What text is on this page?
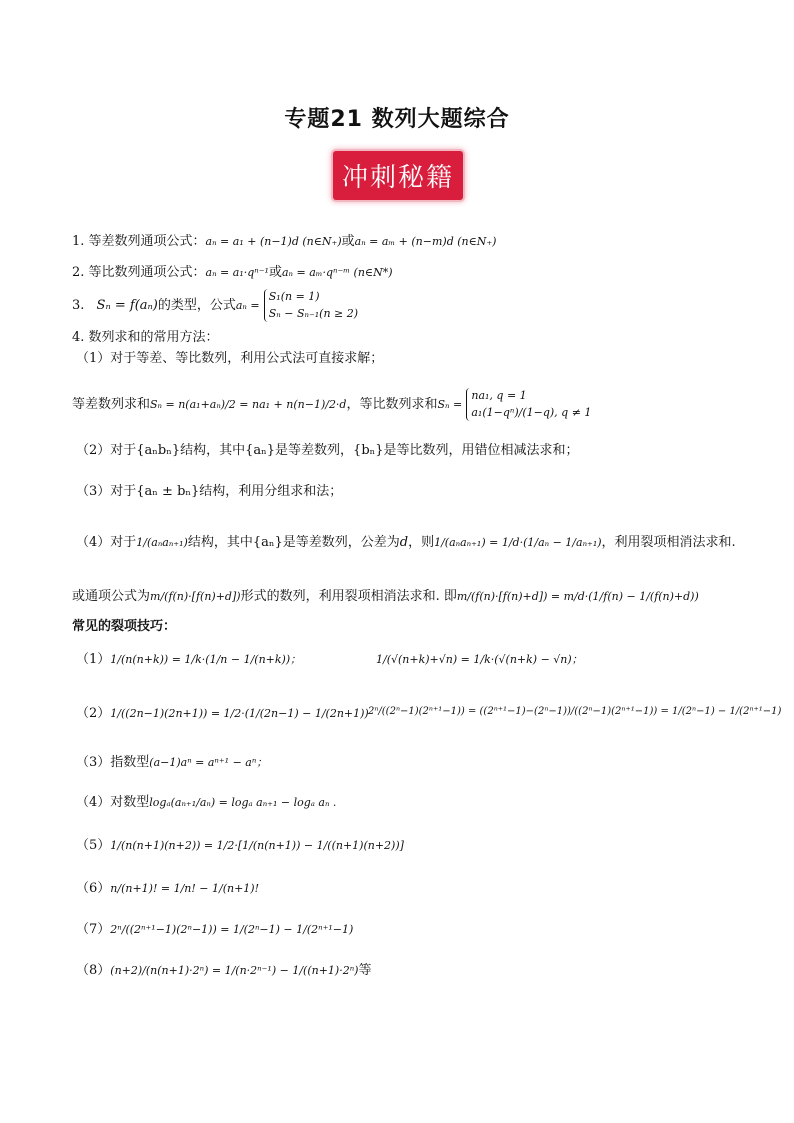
专题21 数列大题综合
冲刺秘籍
1. 等差数列通项公式：aₙ = a₁ + (n−1)d (n∈N₊)或aₙ = aₘ + (n−m)d (n∈N₊)
2. 等比数列通项公式：aₙ = a₁·qⁿ⁻¹或aₙ = aₘ·qⁿ⁻ᵐ (n∈N*)
3. Sₙ = f(aₙ)的类型，公式aₙ =
S₁(n = 1)
Sₙ − Sₙ₋₁(n ≥ 2)
4. 数列求和的常用方法：
（1）对于等差、等比数列，利用公式法可直接求解；
等差数列求和Sₙ = n(a₁+aₙ)/2 = na₁ + n(n−1)/2·d，等比数列求和Sₙ =
na₁, q = 1
a₁(1−qⁿ)/(1−q), q ≠ 1
（2）对于{aₙbₙ}结构，其中{aₙ}是等差数列，{bₙ}是等比数列，用错位相减法求和；
（3）对于{aₙ ± bₙ}结构，利用分组求和法；
（4）对于1/(aₙaₙ₊₁)结构，其中{aₙ}是等差数列，公差为d，则1/(aₙaₙ₊₁) = 1/d·(1/aₙ − 1/aₙ₊₁)，利用裂项相消法求和.
或通项公式为m/(f(n)·[f(n)+d])形式的数列，利用裂项相消法求和. 即m/(f(n)·[f(n)+d]) = m/d·(1/f(n) − 1/(f(n)+d))
常见的裂项技巧：
（1）1/(n(n+k)) = 1/k·(1/n − 1/(n+k))；	1/(√(n+k)+√n) = 1/k·(√(n+k) − √n)；
（2）1/((2n−1)(2n+1)) = 1/2·(1/(2n−1) − 1/(2n+1)) 2ⁿ/((2ⁿ−1)(2ⁿ⁺¹−1)) = ((2ⁿ⁺¹−1)−(2ⁿ−1))/((2ⁿ−1)(2ⁿ⁺¹−1)) = 1/(2ⁿ−1) − 1/(2ⁿ⁺¹−1)
（3）指数型(a−1)aⁿ = aⁿ⁺¹ − aⁿ；
（4）对数型logₐ(aₙ₊₁/aₙ) = logₐ aₙ₊₁ − logₐ aₙ .
（5）1/(n(n+1)(n+2)) = 1/2·[1/(n(n+1)) − 1/((n+1)(n+2))]
（6）n/(n+1)! = 1/n! − 1/(n+1)!
（7）2ⁿ/((2ⁿ⁺¹−1)(2ⁿ−1)) = 1/(2ⁿ−1) − 1/(2ⁿ⁺¹−1)
（8）(n+2)/(n(n+1)·2ⁿ) = 1/(n·2ⁿ⁻¹) − 1/((n+1)·2ⁿ)等
